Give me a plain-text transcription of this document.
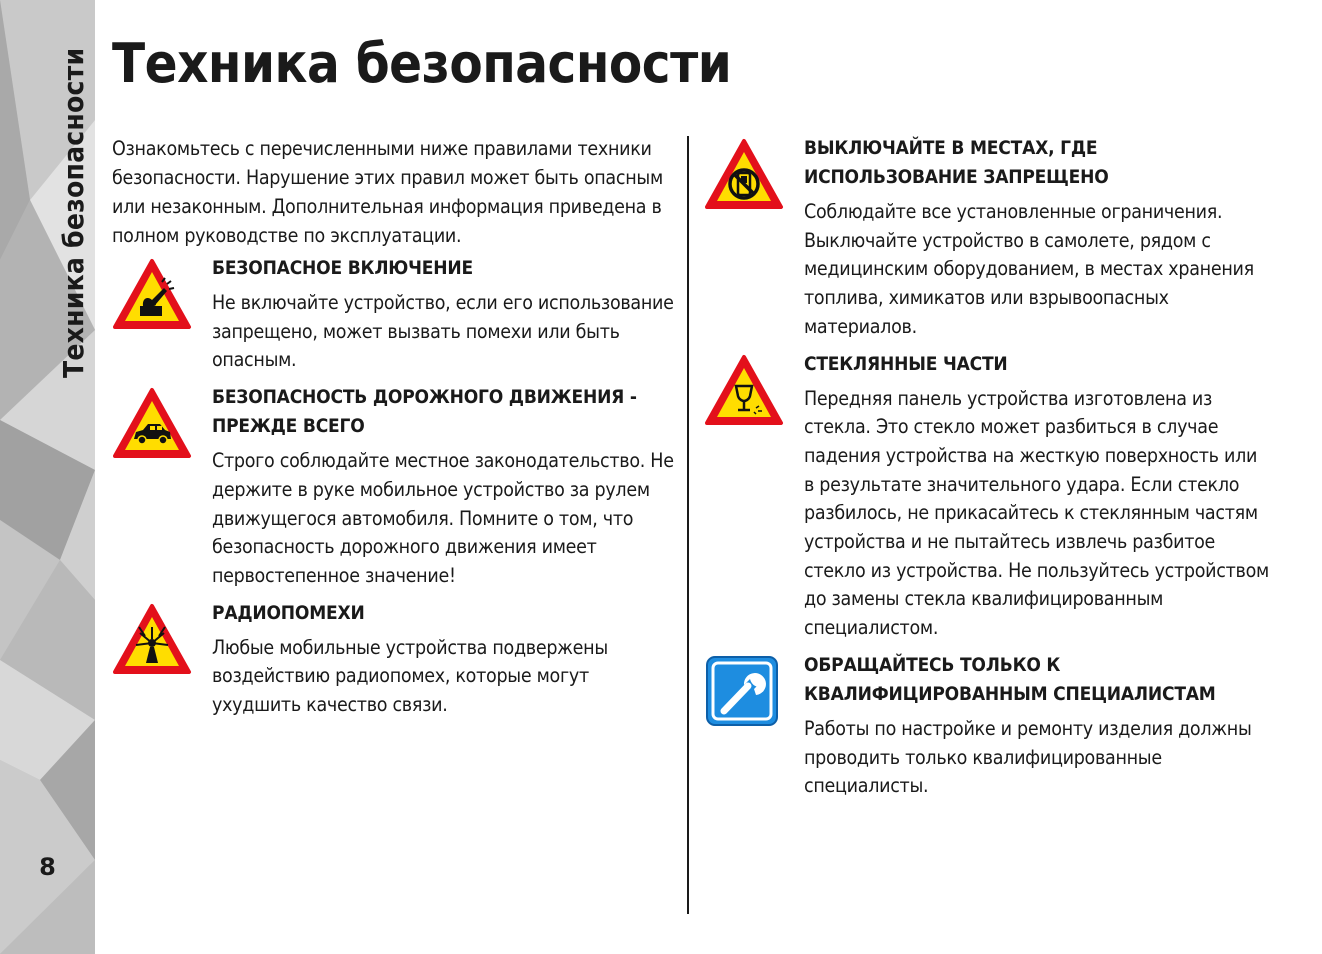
Техника безопасности
8
Техника безопасности

Ознакомьтесь с перечисленными ниже правилами техники безопасности. Нарушение этих правил может быть опасным или незаконным. Дополнительная информация приведена в полном руководстве по эксплуатации.

БЕЗОПАСНОЕ ВКЛЮЧЕНИЕ

Не включайте устройство, если его использование запрещено, может вызвать помехи или быть опасным.

БЕЗОПАСНОСТЬ ДОРОЖНОГО ДВИЖЕНИЯ - ПРЕЖДЕ ВСЕГО

Строго соблюдайте местное законодательство. Не держите в руке мобильное устройство за рулем движущегося автомобиля. Помните о том, что безопасность дорожного движения имеет первостепенное значение!

РАДИОПОМЕХИ

Любые мобильные устройства подвержены воздействию радиопомех, которые могут ухудшить качество связи.

ВЫКЛЮЧАЙТЕ В МЕСТАХ, ГДЕ ИСПОЛЬЗОВАНИЕ ЗАПРЕЩЕНО

Соблюдайте все установленные ограничения. Выключайте устройство в самолете, рядом с медицинским оборудованием, в местах хранения топлива, химикатов или взрывоопасных материалов.

СТЕКЛЯННЫЕ ЧАСТИ

Передняя панель устройства изготовлена из стекла. Это стекло может разбиться в случае падения устройства на жесткую поверхность или в результате значительного удара. Если стекло разбилось, не прикасайтесь к стеклянным частям устройства и не пытайтесь извлечь разбитое стекло из устройства. Не пользуйтесь устройством до замены стекла квалифицированным специалистом.

ОБРАЩАЙТЕСЬ ТОЛЬКО К КВАЛИФИЦИРОВАННЫМ СПЕЦИАЛИСТАМ

Работы по настройке и ремонту изделия должны проводить только квалифицированные специалисты.
